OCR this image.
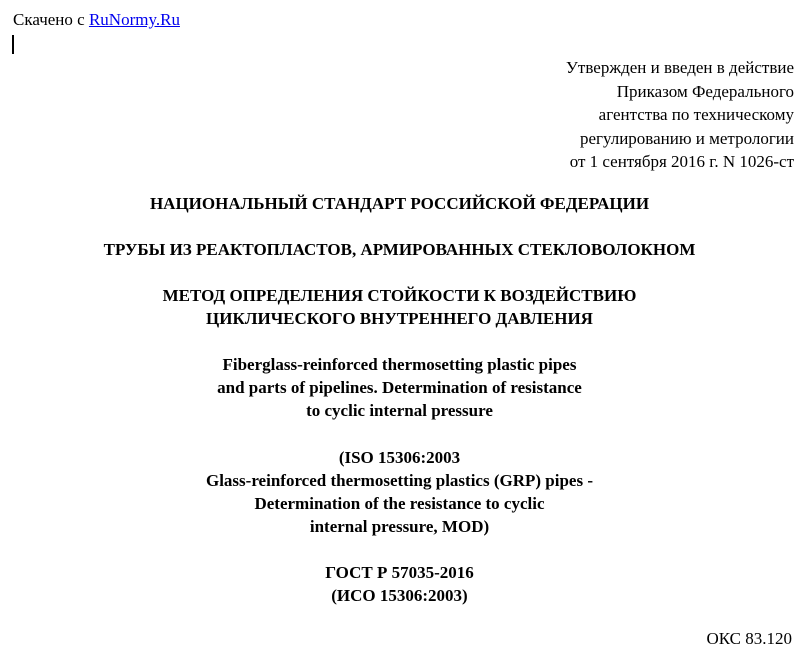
Скачено с RuNormy.Ru
Утвержден и введен в действие
Приказом Федерального
агентства по техническому
регулированию и метрологии
от 1 сентября 2016 г. N 1026-ст
НАЦИОНАЛЬНЫЙ СТАНДАРТ РОССИЙСКОЙ ФЕДЕРАЦИИ
ТРУБЫ ИЗ РЕАКТОПЛАСТОВ, АРМИРОВАННЫХ СТЕКЛОВОЛОКНОМ
МЕТОД ОПРЕДЕЛЕНИЯ СТОЙКОСТИ К ВОЗДЕЙСТВИЮ
ЦИКЛИЧЕСКОГО ВНУТРЕННЕГО ДАВЛЕНИЯ
Fiberglass-reinforced thermosetting plastic pipes
and parts of pipelines. Determination of resistance
to cyclic internal pressure
(ISO 15306:2003
Glass-reinforced thermosetting plastics (GRP) pipes -
Determination of the resistance to cyclic
internal pressure, MOD)
ГОСТ Р 57035-2016
(ИСО 15306:2003)
ОКС 83.120
